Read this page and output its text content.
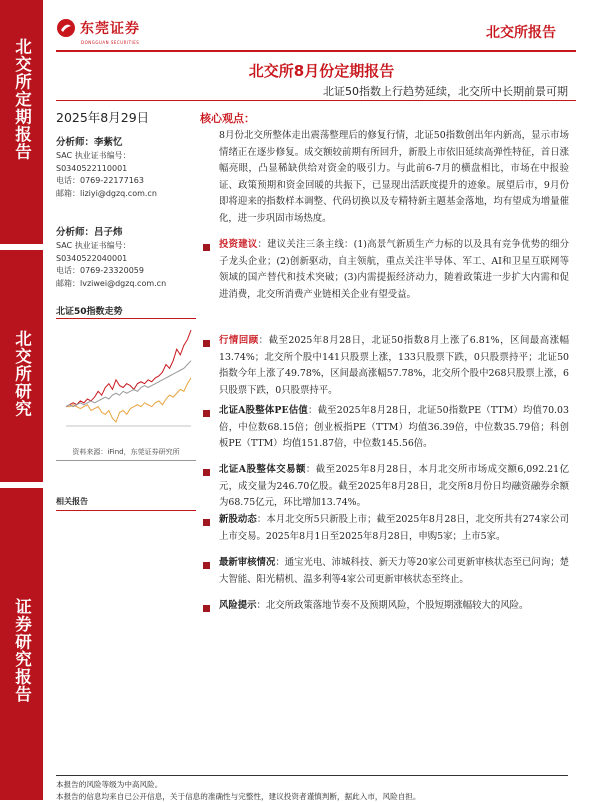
北交所定期报告
北交所研究
证券研究报告
东莞证券
DONGGUAN SECURITIES
北交所报告
北交所8月份定期报告
北证50指数上行趋势延续，北交所中长期前景可期
2025年8月29日
分析师：李紫忆
SAC 执业证书编号：
S0340522110001
电话：0769-22177163
邮箱：liziyi@dgzq.com.cn
分析师：吕子炜
SAC 执业证书编号：
S0340522040001
电话：0769-23320059
邮箱：lvziwei@dgzq.com.cn
北证50指数走势
资料来源：iFind，东莞证券研究所
相关报告
核心观点：
8月份北交所整体走出震荡整理后的修复行情，北证50指数创出年内新高，显示市场情绪正在逐步修复。成交额较前期有所回升，新股上市依旧延续高弹性特征，首日涨幅亮眼，凸显稀缺供给对资金的吸引力。与此前6-7月的横盘相比，市场在中报验证、政策预期和资金回暖的共振下，已显现出活跃度提升的迹象。展望后市，9月份即将迎来的指数样本调整、代码切换以及专精特新主题基金落地，均有望成为增量催化，进一步巩固市场热度。
投资建议：建议关注三条主线：(1)高景气新质生产力标的以及具有竞争优势的细分子龙头企业；(2)创新驱动，自主领航，重点关注半导体、军工、AI和卫星互联网等领域的国产替代和技术突破；(3)内需提振经济动力，随着政策进一步扩大内需和促进消费，北交所消费产业链相关企业有望受益。
行情回顾：截至2025年8月28日，北证50指数8月上涨了6.81%，区间最高涨幅13.74%；北交所个股中141只股票上涨，133只股票下跌，0只股票持平；北证50指数今年上涨了49.78%，区间最高涨幅57.78%，北交所个股中268只股票上涨，6只股票下跌，0只股票持平。
北证A股整体PE估值：截至2025年8月28日，北证50指数PE（TTM）均值70.03倍，中位数68.15倍；创业板指PE（TTM）均值36.39倍，中位数35.79倍；科创板PE（TTM）均值151.87倍，中位数145.56倍。
北证A股整体交易额：截至2025年8月28日，本月北交所市场成交额6,092.21亿元，成交量为246.70亿股。截至2025年8月28日，北交所8月份日均融资融券余额为68.75亿元，环比增加13.74%。
新股动态：本月北交所5只新股上市；截至2025年8月28日，北交所共有274家公司上市交易。2025年8月1日至2025年8月28日，申购5家；上市5家。
最新审核情况：通宝光电、沛城科技、新天力等20家公司更新审核状态至已问询；楚大智能、阳光精机、温多利等4家公司更新审核状态至终止。
风险提示：北交所政策落地节奏不及预期风险，个股短期涨幅较大的风险。
本报告的风险等级为中高风险。
本报告的信息均来自已公开信息，关于信息的准确性与完整性，建议投资者谨慎判断，据此入市，风险自担。
